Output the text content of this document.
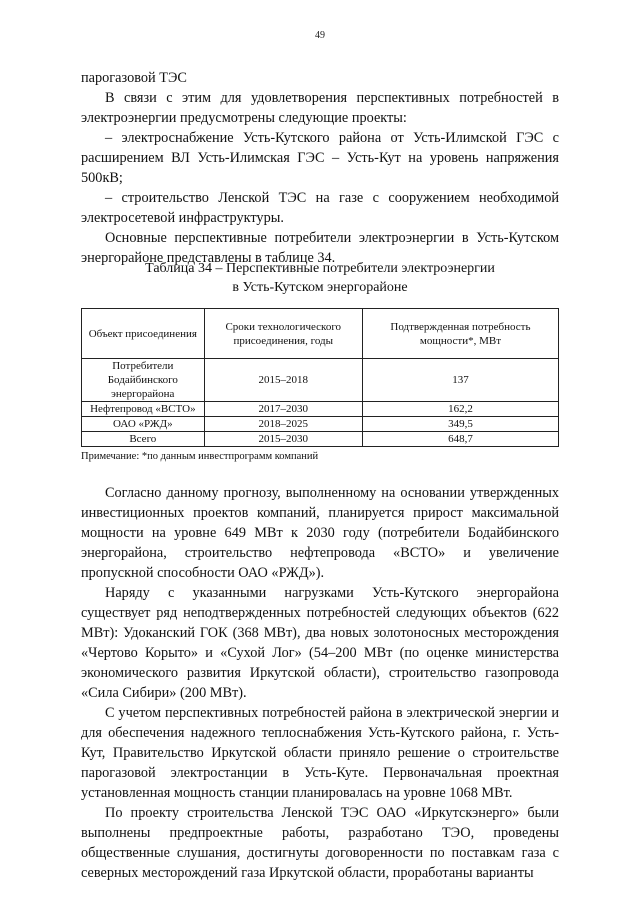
49

парогазовой ТЭС

В связи с этим для удовлетворения перспективных потребностей в электроэнергии предусмотрены следующие проекты:

– электроснабжение Усть-Кутского района от Усть-Илимской ГЭС с расширением ВЛ Усть-Илимская ГЭС – Усть-Кут на уровень напряжения 500кВ;

– строительство Ленской ТЭС на газе с сооружением необходимой электросетевой инфраструктуры.

Основные перспективные потребители электроэнергии в Усть-Кутском энергорайоне представлены в таблице 34.

Таблица 34 – Перспективные потребители электроэнергии
в Усть-Кутском энергорайоне
Объект присоединения	Сроки технологического присоединения, годы	Подтвержденная потребность мощности*, МВт
Потребители Бодайбинского энергорайона	2015–2018	137
Нефтепровод «ВСТО»	2017–2030	162,2
ОАО «РЖД»	2018–2025	349,5
Всего	2015–2030	648,7
Примечание: *по данным инвестпрограмм компаний

Согласно данному прогнозу, выполненному на основании утвержденных инвестиционных проектов компаний, планируется прирост максимальной мощности на уровне 649 МВт к 2030 году (потребители Бодайбинского энергорайона, строительство нефтепровода «ВСТО» и увеличение пропускной способности ОАО «РЖД»).

Наряду с указанными нагрузками Усть-Кутского энергорайона существует ряд неподтвержденных потребностей следующих объектов (622 МВт): Удоканский ГОК (368 МВт), два новых золотоносных месторождения «Чертово Корыто» и «Сухой Лог» (54–200 МВт (по оценке министерства экономического развития Иркутской области), строительство газопровода «Сила Сибири» (200 МВт).

С учетом перспективных потребностей района в электрической энергии и для обеспечения надежного теплоснабжения Усть-Кутского района, г. Усть-Кут, Правительство Иркутской области приняло решение о строительстве парогазовой электростанции в Усть-Куте. Первоначальная проектная установленная мощность станции планировалась на уровне 1068 МВт.

По проекту строительства Ленской ТЭС ОАО «Иркутскэнерго» были выполнены предпроектные работы, разработано ТЭО, проведены общественные слушания, достигнуты договоренности по поставкам газа с северных месторождений газа Иркутской области, проработаны варианты
